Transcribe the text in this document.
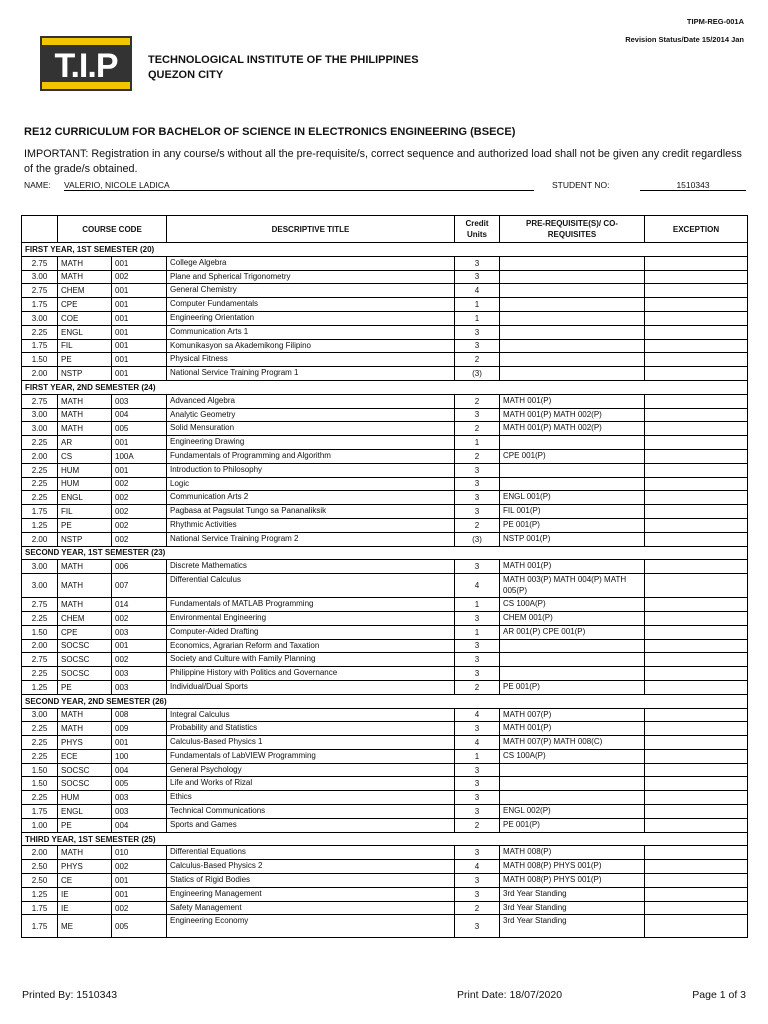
TIPM-REG-001A
Revision Status/Date 15/2014 Jan
T.I.P	TECHNOLOGICAL INSTITUTE OF THE PHILIPPINES
QUEZON CITY
RE12 CURRICULUM FOR BACHELOR OF SCIENCE IN ELECTRONICS ENGINEERING (BSECE)
IMPORTANT: Registration in any course/s without all the pre-requisite/s, correct sequence and authorized load shall not be given any credit regardless of the grade/s obtained.
NAME: VALERIO, NICOLE LADICA	STUDENT NO:	1510343
	COURSE CODE		DESCRIPTIVE TITLE	Credit Units	PRE-REQUISITE(S)/ CO-REQUISITES	EXCEPTION
FIRST YEAR, 1ST SEMESTER (20)						
2.75	MATH	001	College Algebra	3		
3.00	MATH	002	Plane and Spherical Trigonometry	3		
2.75	CHEM	001	General Chemistry	4		
1.75	CPE	001	Computer Fundamentals	1		
3.00	COE	001	Engineering Orientation	1		
2.25	ENGL	001	Communication Arts 1	3		
1.75	FIL	001	Komunikasyon sa Akademikong Filipino	3		
1.50	PE	001	Physical Fitness	2		
2.00	NSTP	001	National Service Training Program 1	(3)		
FIRST YEAR, 2ND SEMESTER (24)						
2.75	MATH	003	Advanced Algebra	2	MATH 001(P)	
3.00	MATH	004	Analytic Geometry	3	MATH 001(P) MATH 002(P)	
3.00	MATH	005	Solid Mensuration	2	MATH 001(P) MATH 002(P)	
2.25	AR	001	Engineering Drawing	1		
2.00	CS	100A	Fundamentals of Programming and Algorithm	2	CPE 001(P)	
2.25	HUM	001	Introduction to Philosophy	3		
2.25	HUM	002	Logic	3		
2.25	ENGL	002	Communication Arts 2	3	ENGL 001(P)	
1.75	FIL	002	Pagbasa at Pagsulat Tungo sa Pananaliksik	3	FIL 001(P)	
1.25	PE	002	Rhythmic Activities	2	PE 001(P)	
2.00	NSTP	002	National Service Training Program 2	(3)	NSTP 001(P)	
SECOND YEAR, 1ST SEMESTER (23)						
3.00	MATH	006	Discrete Mathematics	3	MATH 001(P)	
3.00	MATH	007	Differential Calculus	4	MATH 003(P) MATH 004(P) MATH 005(P)	
2.75	MATH	014	Fundamentals of MATLAB Programming	1	CS 100A(P)	
2.25	CHEM	002	Environmental Engineering	3	CHEM 001(P)	
1.50	CPE	003	Computer-Aided Drafting	1	AR 001(P) CPE 001(P)	
2.00	SOCSC	001	Economics, Agrarian Reform and Taxation	3		
2.75	SOCSC	002	Society and Culture with Family Planning	3		
2.25	SOCSC	003	Philippine History with Politics and Governance	3		
1.25	PE	003	Individual/Dual Sports	2	PE 001(P)	
SECOND YEAR, 2ND SEMESTER (26)						
3.00	MATH	008	Integral Calculus	4	MATH 007(P)	
2.25	MATH	009	Probability and Statistics	3	MATH 001(P)	
2.25	PHYS	001	Calculus-Based Physics 1	4	MATH 007(P) MATH 008(C)	
2.25	ECE	100	Fundamentals of LabVIEW Programming	1	CS 100A(P)	
1.50	SOCSC	004	General Psychology	3		
1.50	SOCSC	005	Life and Works of Rizal	3		
2.25	HUM	003	Ethics	3		
1.75	ENGL	003	Technical Communications	3	ENGL 002(P)	
1.00	PE	004	Sports and Games	2	PE 001(P)	
THIRD YEAR, 1ST SEMESTER (25)						
2.00	MATH	010	Differential Equations	3	MATH 008(P)	
2.50	PHYS	002	Calculus-Based Physics 2	4	MATH 008(P) PHYS 001(P)	
2.50	CE	001	Statics of Rigid Bodies	3	MATH 008(P) PHYS 001(P)	
1.25	IE	001	Engineering Management	3	3rd Year Standing	
1.75	IE	002	Safety Management	2	3rd Year Standing	
1.75	ME	005	Engineering Economy	3	3rd Year Standing	
Printed By: 1510343	Print Date: 18/07/2020	Page 1 of 3
